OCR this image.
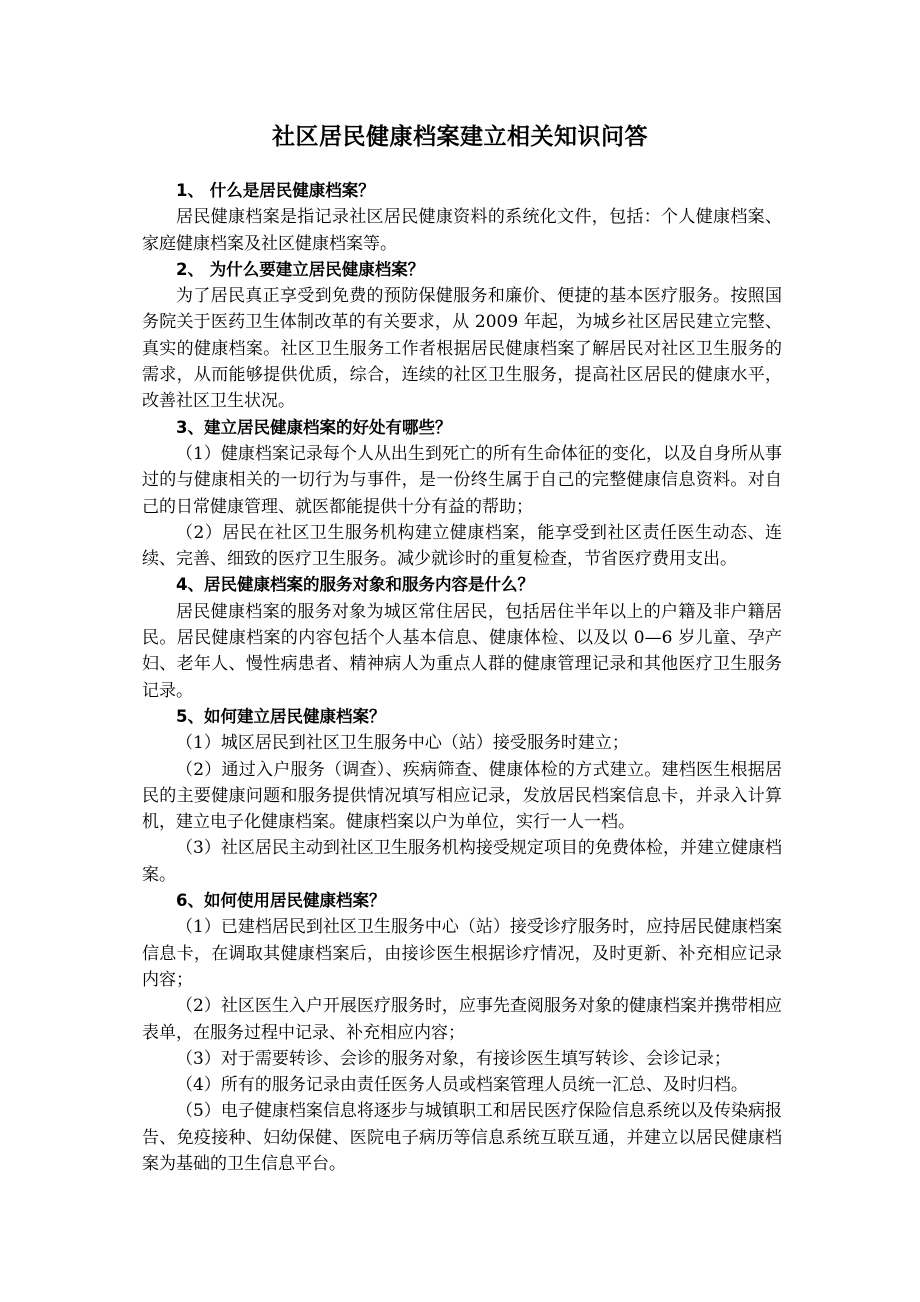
社区居民健康档案建立相关知识问答

1、 什么是居民健康档案？

居民健康档案是指记录社区居民健康资料的系统化文件，包括：个人健康档案、家庭健康档案及社区健康档案等。

2、 为什么要建立居民健康档案？

为了居民真正享受到免费的预防保健服务和廉价、便捷的基本医疗服务。按照国务院关于医药卫生体制改革的有关要求，从 2009 年起，为城乡社区居民建立完整、真实的健康档案。社区卫生服务工作者根据居民健康档案了解居民对社区卫生服务的需求，从而能够提供优质，综合，连续的社区卫生服务，提高社区居民的健康水平，改善社区卫生状况。

3、建立居民健康档案的好处有哪些？

（1）健康档案记录每个人从出生到死亡的所有生命体征的变化，以及自身所从事过的与健康相关的一切行为与事件，是一份终生属于自己的完整健康信息资料。对自己的日常健康管理、就医都能提供十分有益的帮助；

（2）居民在社区卫生服务机构建立健康档案，能享受到社区责任医生动态、连续、完善、细致的医疗卫生服务。减少就诊时的重复检查，节省医疗费用支出。

4、居民健康档案的服务对象和服务内容是什么？

居民健康档案的服务对象为城区常住居民，包括居住半年以上的户籍及非户籍居民。居民健康档案的内容包括个人基本信息、健康体检、以及以 0—6 岁儿童、孕产妇、老年人、慢性病患者、精神病人为重点人群的健康管理记录和其他医疗卫生服务记录。

5、如何建立居民健康档案？

（1）城区居民到社区卫生服务中心（站）接受服务时建立；

（2）通过入户服务（调查）、疾病筛查、健康体检的方式建立。建档医生根据居民的主要健康问题和服务提供情况填写相应记录，发放居民档案信息卡，并录入计算机，建立电子化健康档案。健康档案以户为单位，实行一人一档。

（3）社区居民主动到社区卫生服务机构接受规定项目的免费体检，并建立健康档案。

6、如何使用居民健康档案？

（1）已建档居民到社区卫生服务中心（站）接受诊疗服务时，应持居民健康档案信息卡，在调取其健康档案后，由接诊医生根据诊疗情况，及时更新、补充相应记录内容；

（2）社区医生入户开展医疗服务时，应事先查阅服务对象的健康档案并携带相应表单，在服务过程中记录、补充相应内容；

（3）对于需要转诊、会诊的服务对象，有接诊医生填写转诊、会诊记录；

（4）所有的服务记录由责任医务人员或档案管理人员统一汇总、及时归档。

（5）电子健康档案信息将逐步与城镇职工和居民医疗保险信息系统以及传染病报告、免疫接种、妇幼保健、医院电子病历等信息系统互联互通，并建立以居民健康档案为基础的卫生信息平台。
